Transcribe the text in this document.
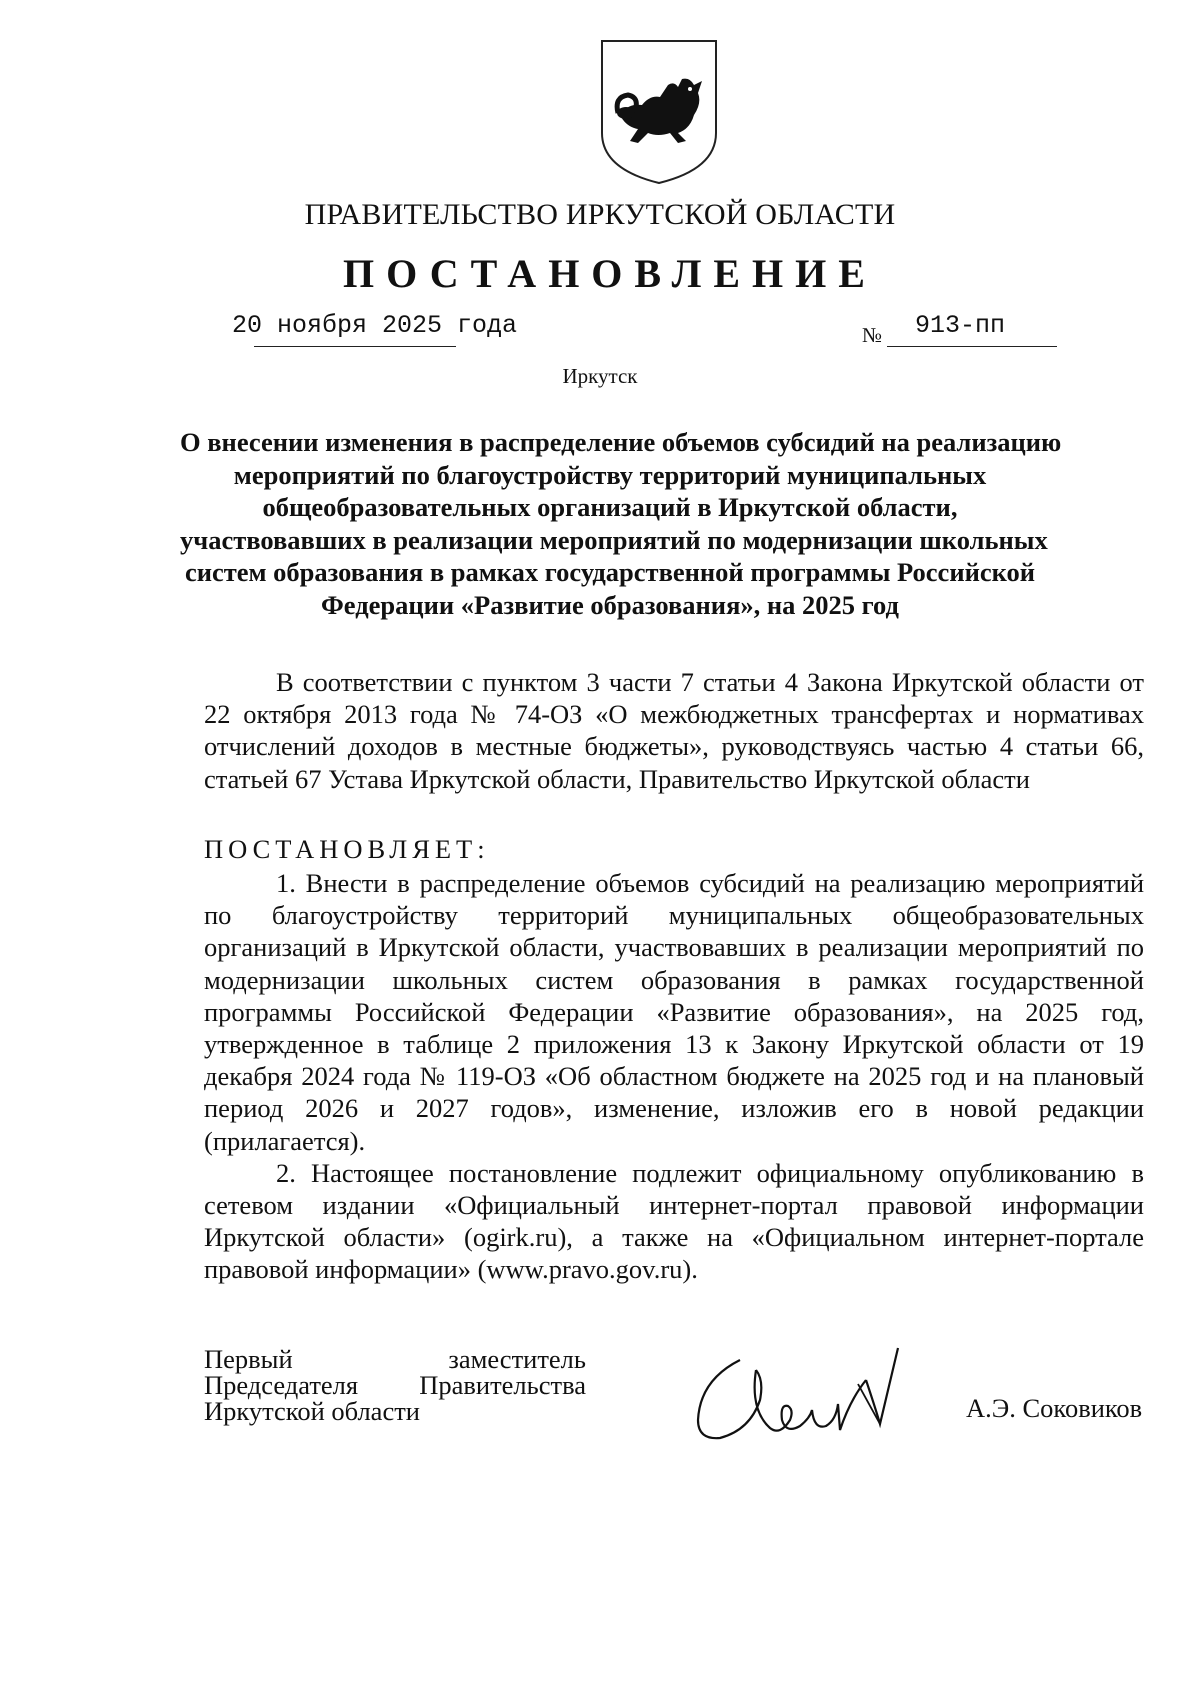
ПРАВИТЕЛЬСТВО ИРКУТСКОЙ ОБЛАСТИ
ПОСТАНОВЛЕНИЕ
20 ноября 2025 года	№ 913-пп
Иркутск
О внесении изменения в распределение объемов субсидий на реализацию
мероприятий по благоустройству территорий муниципальных
общеобразовательных организаций в Иркутской области,
участвовавших в реализации мероприятий по модернизации школьных
систем образования в рамках государственной программы Российской
Федерации «Развитие образования», на 2025 год

В соответствии с пунктом 3 части 7 статьи 4 Закона Иркутской области от 22 октября 2013 года № 74-ОЗ «О межбюджетных трансфертах и нормативах отчислений доходов в местные бюджеты», руководствуясь частью 4 статьи 66, статьей 67 Устава Иркутской области, Правительство Иркутской области

ПОСТАНОВЛЯЕТ:

1. Внести в распределение объемов субсидий на реализацию мероприятий по благоустройству территорий муниципальных общеобразовательных организаций в Иркутской области, участвовавших в реализации мероприятий по модернизации школьных систем образования в рамках государственной программы Российской Федерации «Развитие образования», на 2025 год, утвержденное в таблице 2 приложения 13 к Закону Иркутской области от 19 декабря 2024 года № 119-ОЗ «Об областном бюджете на 2025 год и на плановый период 2026 и 2027 годов», изменение, изложив его в новой редакции (прилагается).

2. Настоящее постановление подлежит официальному опубликованию в сетевом издании «Официальный интернет-портал правовой информации Иркутской области» (ogirk.ru), а также на «Официальном интернет-портале правовой информации» (www.pravo.gov.ru).

Первый	заместитель
Председателя Правительства
Иркутской области	А.Э. Соковиков
